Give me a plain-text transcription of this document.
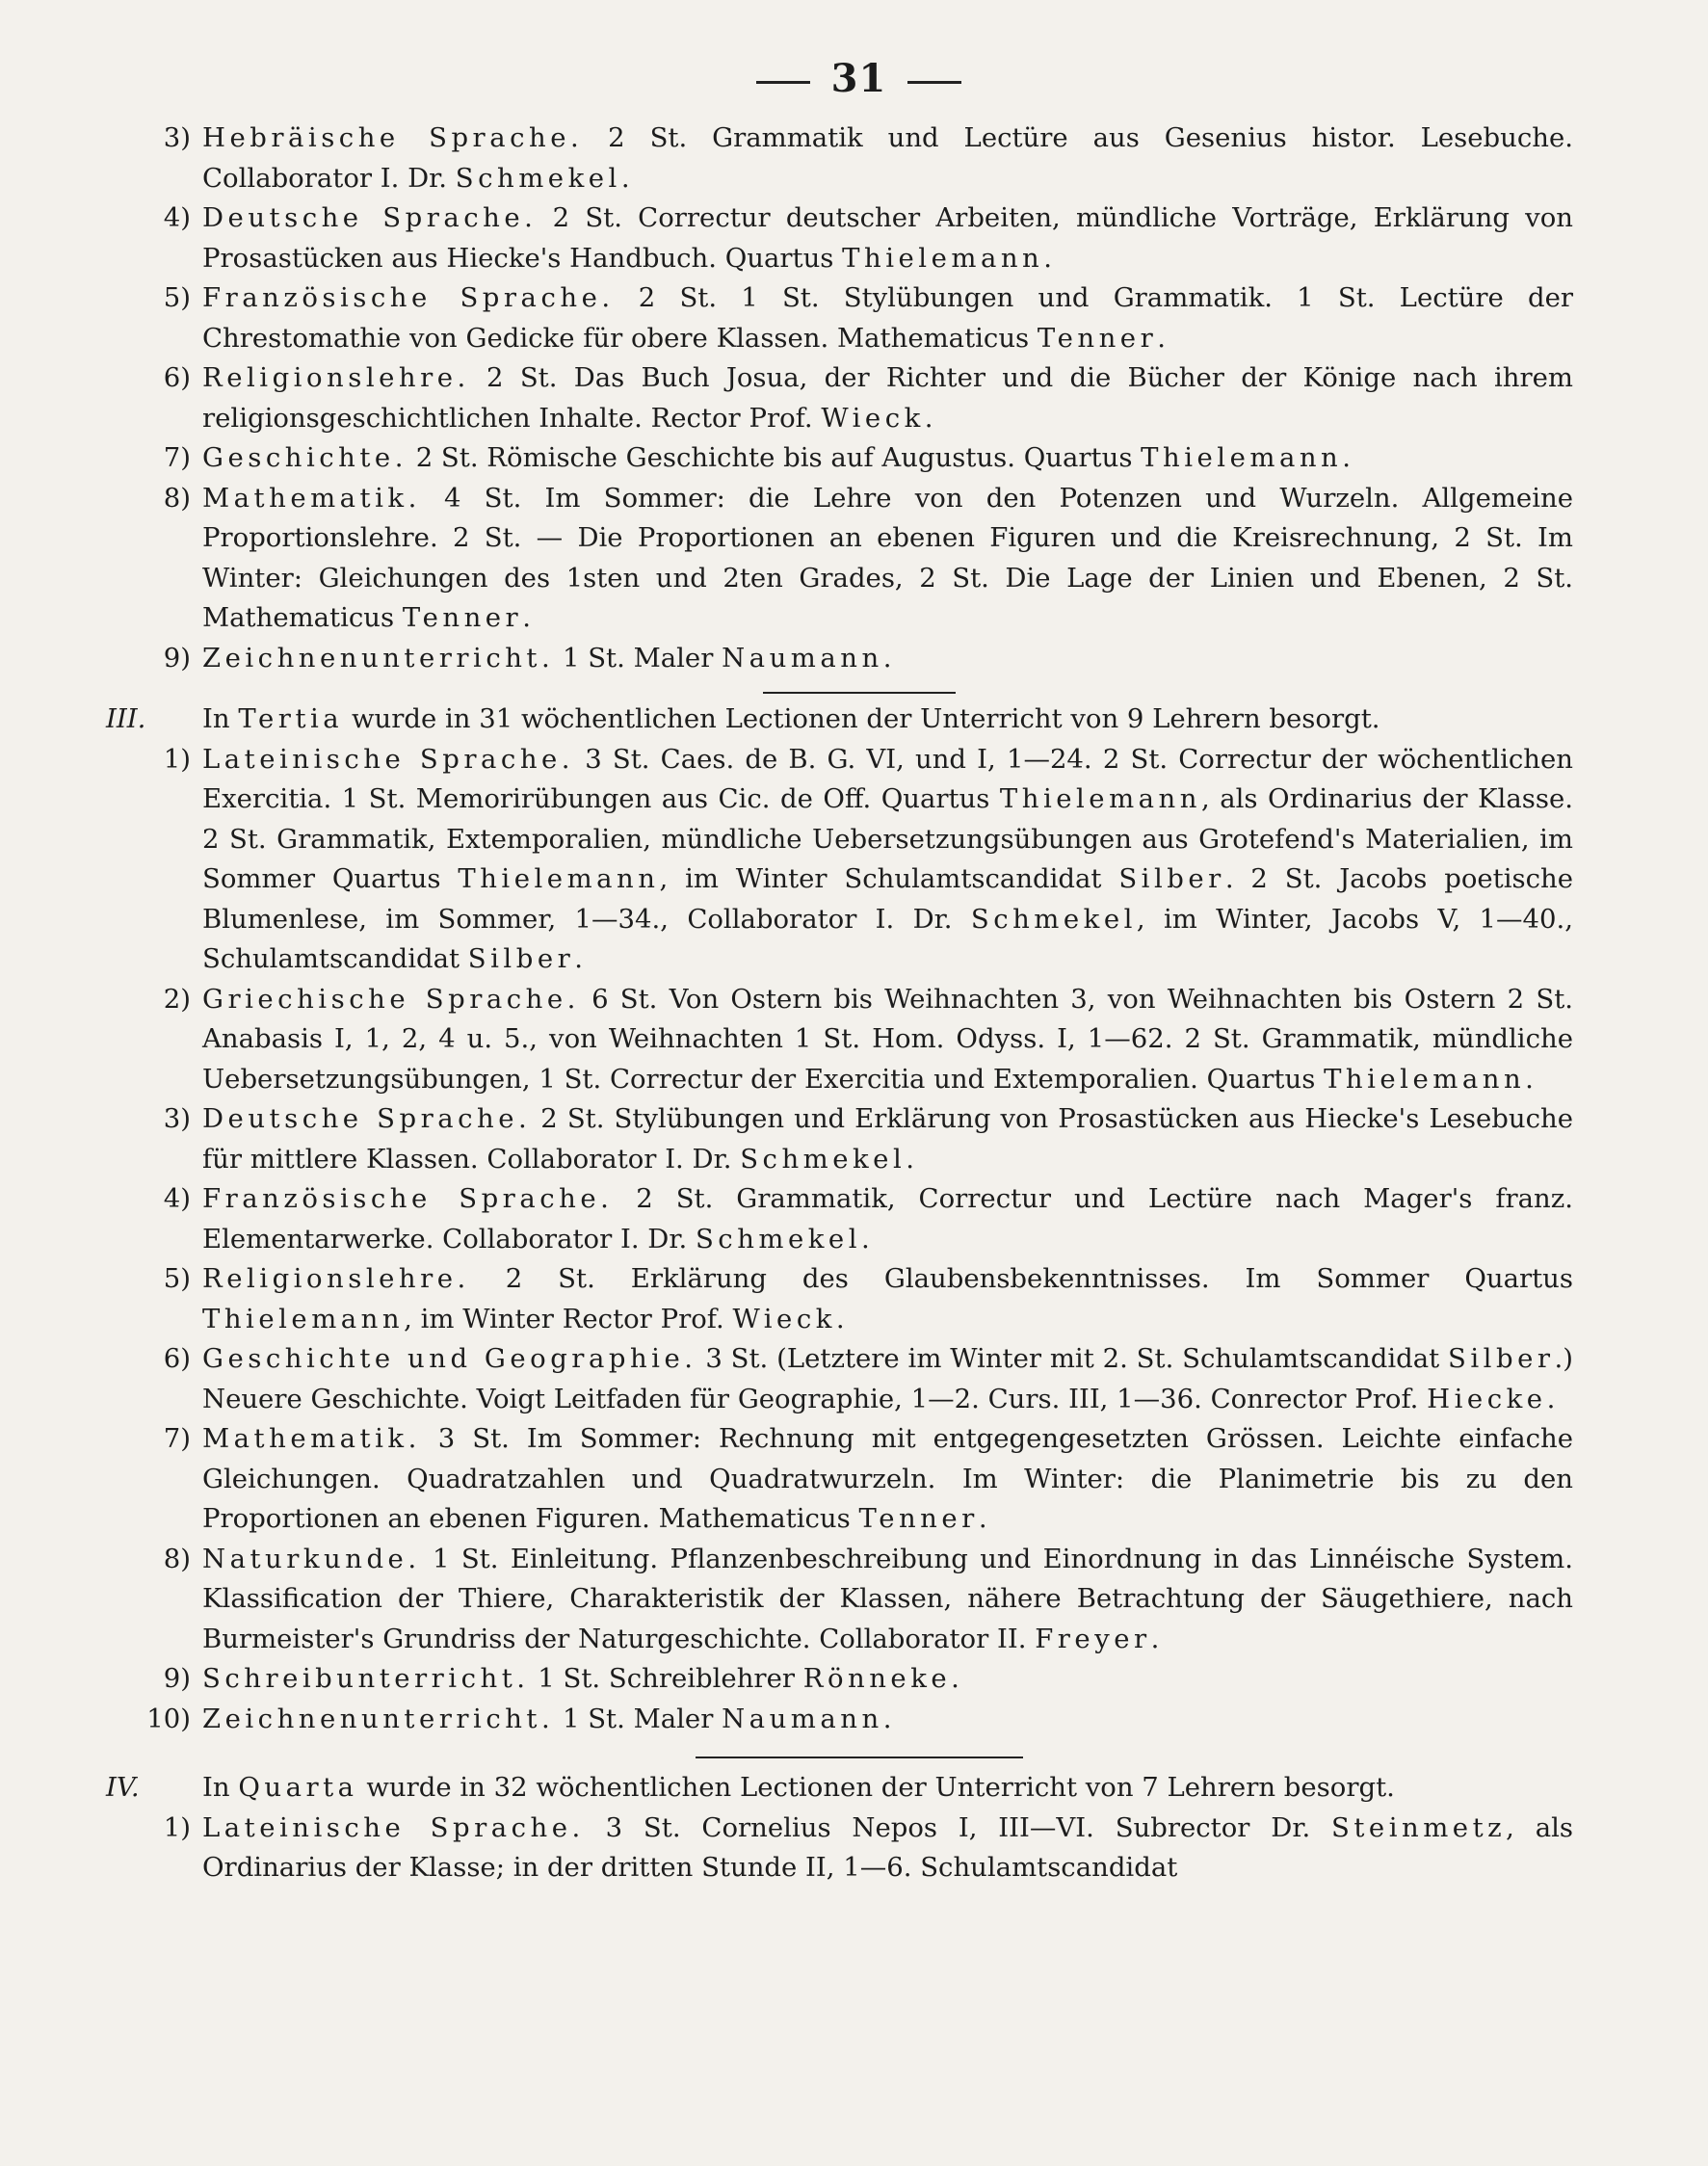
31
3) Hebräische Sprache. 2 St. Grammatik und Lectüre aus Gesenius histor. Lesebuche. Collaborator I. Dr. Schmekel.
4) Deutsche Sprache. 2 St. Correctur deutscher Arbeiten, mündliche Vorträge, Erklärung von Prosastücken aus Hiecke's Handbuch. Quartus Thielemann.
5) Französische Sprache. 2 St. 1 St. Stylübungen und Grammatik. 1 St. Lectüre der Chrestomathie von Gedicke für obere Klassen. Mathematicus Tenner.
6) Religionslehre. 2 St. Das Buch Josua, der Richter und die Bücher der Könige nach ihrem religionsgeschichtlichen Inhalte. Rector Prof. Wieck.
7) Geschichte. 2 St. Römische Geschichte bis auf Augustus. Quartus Thielemann.
8) Mathematik. 4 St. Im Sommer: die Lehre von den Potenzen und Wurzeln. Allgemeine Proportionslehre. 2 St. — Die Proportionen an ebenen Figuren und die Kreisrechnung, 2 St. Im Winter: Gleichungen des 1sten und 2ten Grades, 2 St. Die Lage der Linien und Ebenen, 2 St. Mathematicus Tenner.
9) Zeichnenunterricht. 1 St. Maler Naumann.
III. In Tertia wurde in 31 wöchentlichen Lectionen der Unterricht von 9 Lehrern besorgt.
1) Lateinische Sprache. 3 St. Caes. de B. G. VI, und I, 1—24. 2 St. Correctur der wöchentlichen Exercitia. 1 St. Memorirübungen aus Cic. de Off. Quartus Thielemann, als Ordinarius der Klasse. 2 St. Grammatik, Extemporalien, mündliche Uebersetzungsübungen aus Grotefend's Materialien, im Sommer Quartus Thielemann, im Winter Schulamtscandidat Silber. 2 St. Jacobs poetische Blumenlese, im Sommer, 1—34., Collaborator I. Dr. Schmekel, im Winter, Jacobs V, 1—40., Schulamtscandidat Silber.
2) Griechische Sprache. 6 St. Von Ostern bis Weihnachten 3, von Weihnachten bis Ostern 2 St. Anabasis I, 1, 2, 4 u. 5., von Weihnachten 1 St. Hom. Odyss. I, 1—62. 2 St. Grammatik, mündliche Uebersetzungsübungen, 1 St. Correctur der Exercitia und Extemporalien. Quartus Thielemann.
3) Deutsche Sprache. 2 St. Stylübungen und Erklärung von Prosastücken aus Hiecke's Lesebuche für mittlere Klassen. Collaborator I. Dr. Schmekel.
4) Französische Sprache. 2 St. Grammatik, Correctur und Lectüre nach Mager's franz. Elementarwerke. Collaborator I. Dr. Schmekel.
5) Religionslehre. 2 St. Erklärung des Glaubensbekenntnisses. Im Sommer Quartus Thielemann, im Winter Rector Prof. Wieck.
6) Geschichte und Geographie. 3 St. (Letztere im Winter mit 2. St. Schulamtscandidat Silber.) Neuere Geschichte. Voigt Leitfaden für Geographie, 1—2. Curs. III, 1—36. Conrector Prof. Hiecke.
7) Mathematik. 3 St. Im Sommer: Rechnung mit entgegengesetzten Grössen. Leichte einfache Gleichungen. Quadratzahlen und Quadratwurzeln. Im Winter: die Planimetrie bis zu den Proportionen an ebenen Figuren. Mathematicus Tenner.
8) Naturkunde. 1 St. Einleitung. Pflanzenbeschreibung und Einordnung in das Linnéische System. Klassification der Thiere, Charakteristik der Klassen, nähere Betrachtung der Säugethiere, nach Burmeister's Grundriss der Naturgeschichte. Collaborator II. Freyer.
9) Schreibunterricht. 1 St. Schreiblehrer Rönneke.
10) Zeichnenunterricht. 1 St. Maler Naumann.
IV. In Quarta wurde in 32 wöchentlichen Lectionen der Unterricht von 7 Lehrern besorgt.
1) Lateinische Sprache. 3 St. Cornelius Nepos I, III—VI. Subrector Dr. Steinmetz, als Ordinarius der Klasse; in der dritten Stunde II, 1—6. Schulamtscandidat
